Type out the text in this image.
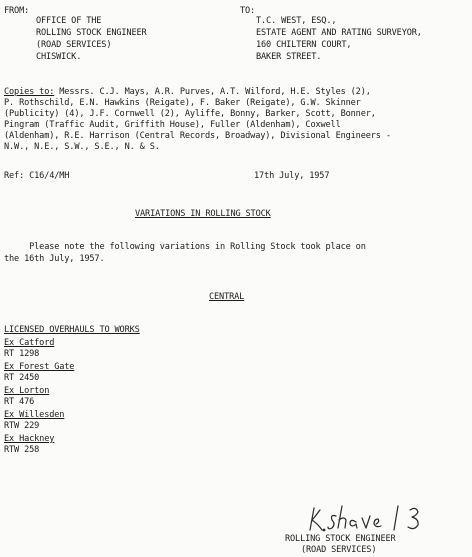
FROM:
OFFICE OF THE
ROLLING STOCK ENGINEER
(ROAD SERVICES)
CHISWICK.
TO:
T.C. WEST, ESQ.,
ESTATE AGENT AND RATING SURVEYOR,
160 CHILTERN COURT,
BAKER STREET.
Copies to: Messrs. C.J. Mays, A.R. Purves, A.T. Wilford, H.E. Styles (2),
P. Rothschild, E.N. Hawkins (Reigate), F. Baker (Reigate), G.W. Skinner
(Publicity) (4), J.F. Cornwell (2), Ayliffe, Bonny, Barker, Scott, Bonner,
Pingram (Traffic Audit, Griffith House), Fuller (Aldenham), Coxwell
(Aldenham), R.E. Harrison (Central Records, Broadway), Divisional Engineers -
N.W., N.E., S.W., S.E., N. & S.
Ref: C16/4/MH	17th July, 1957
VARIATIONS IN ROLLING STOCK
Please note the following variations in Rolling Stock took place on
the 16th July, 1957.
CENTRAL
LICENSED OVERHAULS TO WORKS
Ex Catford
RT 1298
Ex Forest Gate
RT 2450
Ex Lorton
RT 476
Ex Willesden
RTW 229
Ex Hackney
RTW 258
ROLLING STOCK ENGINEER
(ROAD SERVICES)
